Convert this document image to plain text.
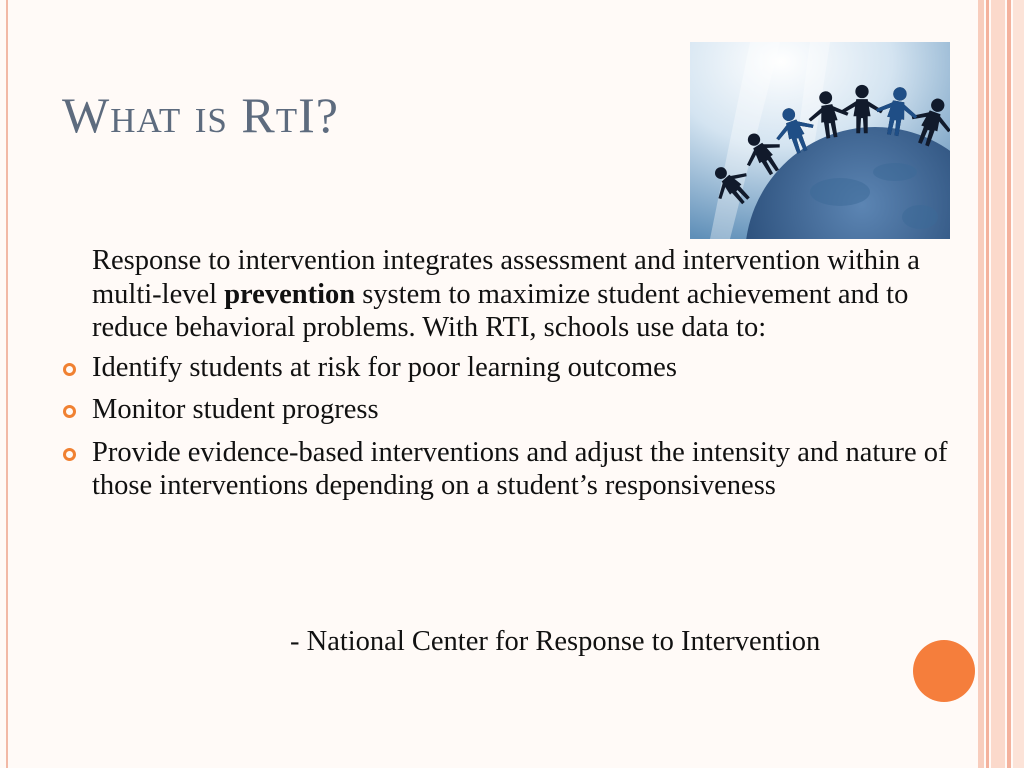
What is RtI?

Response to intervention integrates assessment and intervention within a multi-level prevention system to maximize student achievement and to reduce behavioral problems. With RTI, schools use data to:

Identify students at risk for poor learning outcomes
Monitor student progress
Provide evidence-based interventions and adjust the intensity and nature of those interventions depending on a student’s responsiveness

- National Center for Response to Intervention
